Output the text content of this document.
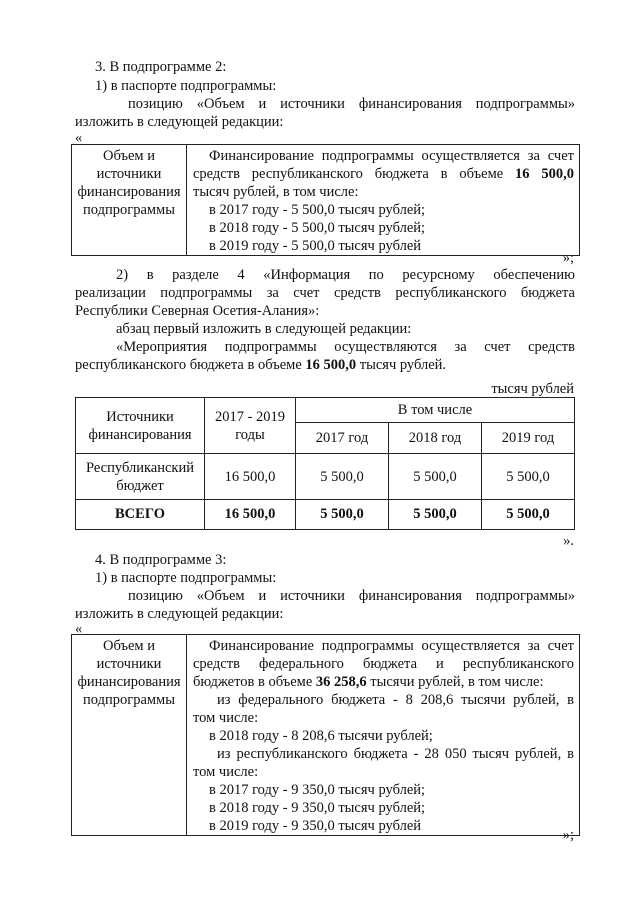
3. В подпрограмме 2:
1) в паспорте подпрограммы:
позицию «Объем и источники финансирования подпрограммы»
изложить в следующей редакции:
«
Объем и
источники
финансирования
подпрограммы

Финансирование подпрограммы осуществляется за счет
средств республиканского бюджета в объеме 16 500,0
тысяч рублей, в том числе:
в 2017 году - 5 500,0 тысяч рублей;
в 2018 году - 5 500,0 тысяч рублей;
в 2019 году - 5 500,0 тысяч рублей
»;
2) в разделе 4 «Информация по ресурсному обеспечению
реализации подпрограммы за счет средств республиканского бюджета
Республики Северная Осетия-Алания»:
абзац первый изложить в следующей редакции:
«Мероприятия подпрограммы осуществляются за счет средств
республиканского бюджета в объеме 16 500,0 тысяч рублей.
тысяч рублей
Источники финансирования	2017 - 2019 годы	В том числе		
		2017 год	2018 год	2019 год
Республиканский бюджет	16 500,0	5 500,0	5 500,0	5 500,0
ВСЕГО	16 500,0	5 500,0	5 500,0	5 500,0
».
4. В подпрограмме 3:
1) в паспорте подпрограммы:
позицию «Объем и источники финансирования подпрограммы»
изложить в следующей редакции:
«
Объем и
источники
финансирования
подпрограммы

Финансирование подпрограммы осуществляется за счет
средств федерального бюджета и республиканского
бюджетов в объеме 36 258,6 тысячи рублей, в том числе:
из федерального бюджета - 8 208,6 тысячи рублей, в
том числе:
в 2018 году - 8 208,6 тысячи рублей;
из республиканского бюджета - 28 050 тысяч рублей, в
том числе:
в 2017 году - 9 350,0 тысяч рублей;
в 2018 году - 9 350,0 тысяч рублей;
в 2019 году - 9 350,0 тысяч рублей
»;
